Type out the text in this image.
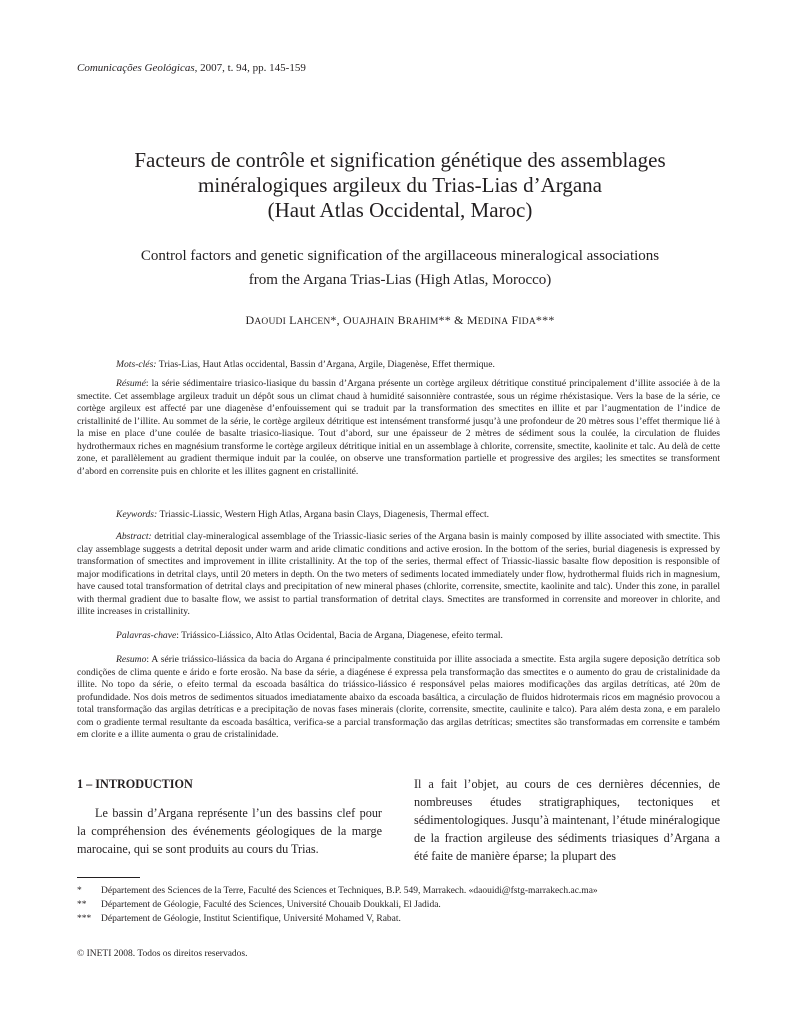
Comunicações Geológicas, 2007, t. 94, pp. 145-159
Facteurs de contrôle et signification génétique des assemblages
minéralogiques argileux du Trias-Lias d’Argana
(Haut Atlas Occidental, Maroc)
Control factors and genetic signification of the argillaceous mineralogical associations
from the Argana Trias-Lias (High Atlas, Morocco)
DAOUDI LAHCEN*, OUAJHAIN BRAHIM** & MEDINA FIDA***
Mots-clés: Trias-Lias, Haut Atlas occidental, Bassin d’Argana, Argile, Diagenèse, Effet thermique.
Résumé: la série sédimentaire triasico-liasique du bassin d’Argana présente un cortège argileux détritique constitué principalement d’illite associée à de la smectite. Cet assemblage argileux traduit un dépôt sous un climat chaud à humidité saisonnière contrastée, sous un régime rhéxistasique. Vers la base de la série, ce cortège argileux est affecté par une diagenèse d’enfouissement qui se traduit par la transformation des smectites en illite et par l’augmentation de l’indice de cristallinité de l’illite. Au sommet de la série, le cortège argileux détritique est intensément transformé jusqu’à une profondeur de 20 mètres sous l’effet thermique lié à la mise en place d’une coulée de basalte triasico-liasique. Tout d’abord, sur une épaisseur de 2 mètres de sédiment sous la coulée, la circulation de fluides hydrothermaux riches en magnésium transforme le cortège argileux détritique initial en un assemblage à chlorite, corrensite, smectite, kaolinite et talc. Au delà de cette zone, et parallèlement au gradient thermique induit par la coulée, on observe une transformation partielle et progressive des argiles; les smectites se transforment d’abord en corrensite puis en chlorite et les illites gagnent en cristallinité.
Keywords: Triassic-Liassic, Western High Atlas, Argana basin Clays, Diagenesis, Thermal effect.
Abstract: detritial clay-mineralogical assemblage of the Triassic-liasic series of the Argana basin is mainly composed by illite associated with smectite. This clay assemblage suggests a detrital deposit under warm and aride climatic conditions and active erosion. In the bottom of the series, burial diagenesis is expressed by transformation of smectites and improvement in illite cristallinity. At the top of the series, thermal effect of Triassic-liassic basalte flow deposition is responsible of major modifications in detrital clays, until 20 meters in depth. On the two meters of sediments located immediately under flow, hydrothermal fluids rich in magnesium, have caused total transformation of detrital clays and precipitation of new mineral phases (chlorite, corrensite, smectite, kaolinite and talc). Under this zone, in parallel with thermal gradient due to basalte flow, we assist to partial transformation of detrital clays. Smectites are transformed in corrensite and moreover in chlorite, and illite increases in cristallinity.
Palavras-chave: Triássico-Liássico, Alto Atlas Ocidental, Bacia de Argana, Diagenese, efeito termal.
Resumo: A série triássico-liássica da bacia do Argana é principalmente constituida por illite associada a smectite. Esta argila sugere deposição detrítica sob condições de clima quente e árido e forte erosão. Na base da série, a diagénese é expressa pela transformação das smectites e o aumento do grau de cristalinidade da illite. No topo da série, o efeito termal da escoada basáltica do triássico-liássico é responsável pelas maiores modificações das argilas detríticas, até 20m de profundidade. Nos dois metros de sedimentos situados imediatamente abaixo da escoada basáltica, a circulação de fluidos hidrotermais ricos em magnésio provocou a total transformação das argilas detríticas e a precipitação de novas fases minerais (clorite, corrensite, smectite, caulinite e talco). Para além desta zona, e em paralelo com o gradiente termal resultante da escoada basáltica, verifica-se a parcial transformação das argilas detríticas; smectites são transformadas em corrensite e também em clorite e a illite aumenta o grau de cristalinidade.
1 – INTRODUCTION
Le bassin d’Argana représente l’un des bassins clef pour la compréhension des événements géologiques de la marge marocaine, qui se sont produits au cours du Trias.
Il a fait l’objet, au cours de ces dernières décennies, de nombreuses études stratigraphiques, tectoniques et sédimentologiques. Jusqu’à maintenant, l’étude minéralogique de la fraction argileuse des sédiments triasiques d’Argana a été faite de manière éparse; la plupart des
* Département des Sciences de la Terre, Faculté des Sciences et Techniques, B.P. 549, Marrakech. «daouidi@fstg-marrakech.ac.ma»
** Département de Géologie, Faculté des Sciences, Université Chouaib Doukkali, El Jadida.
*** Département de Géologie, Institut Scientifique, Université Mohamed V, Rabat.
© INETI 2008. Todos os direitos reservados.
